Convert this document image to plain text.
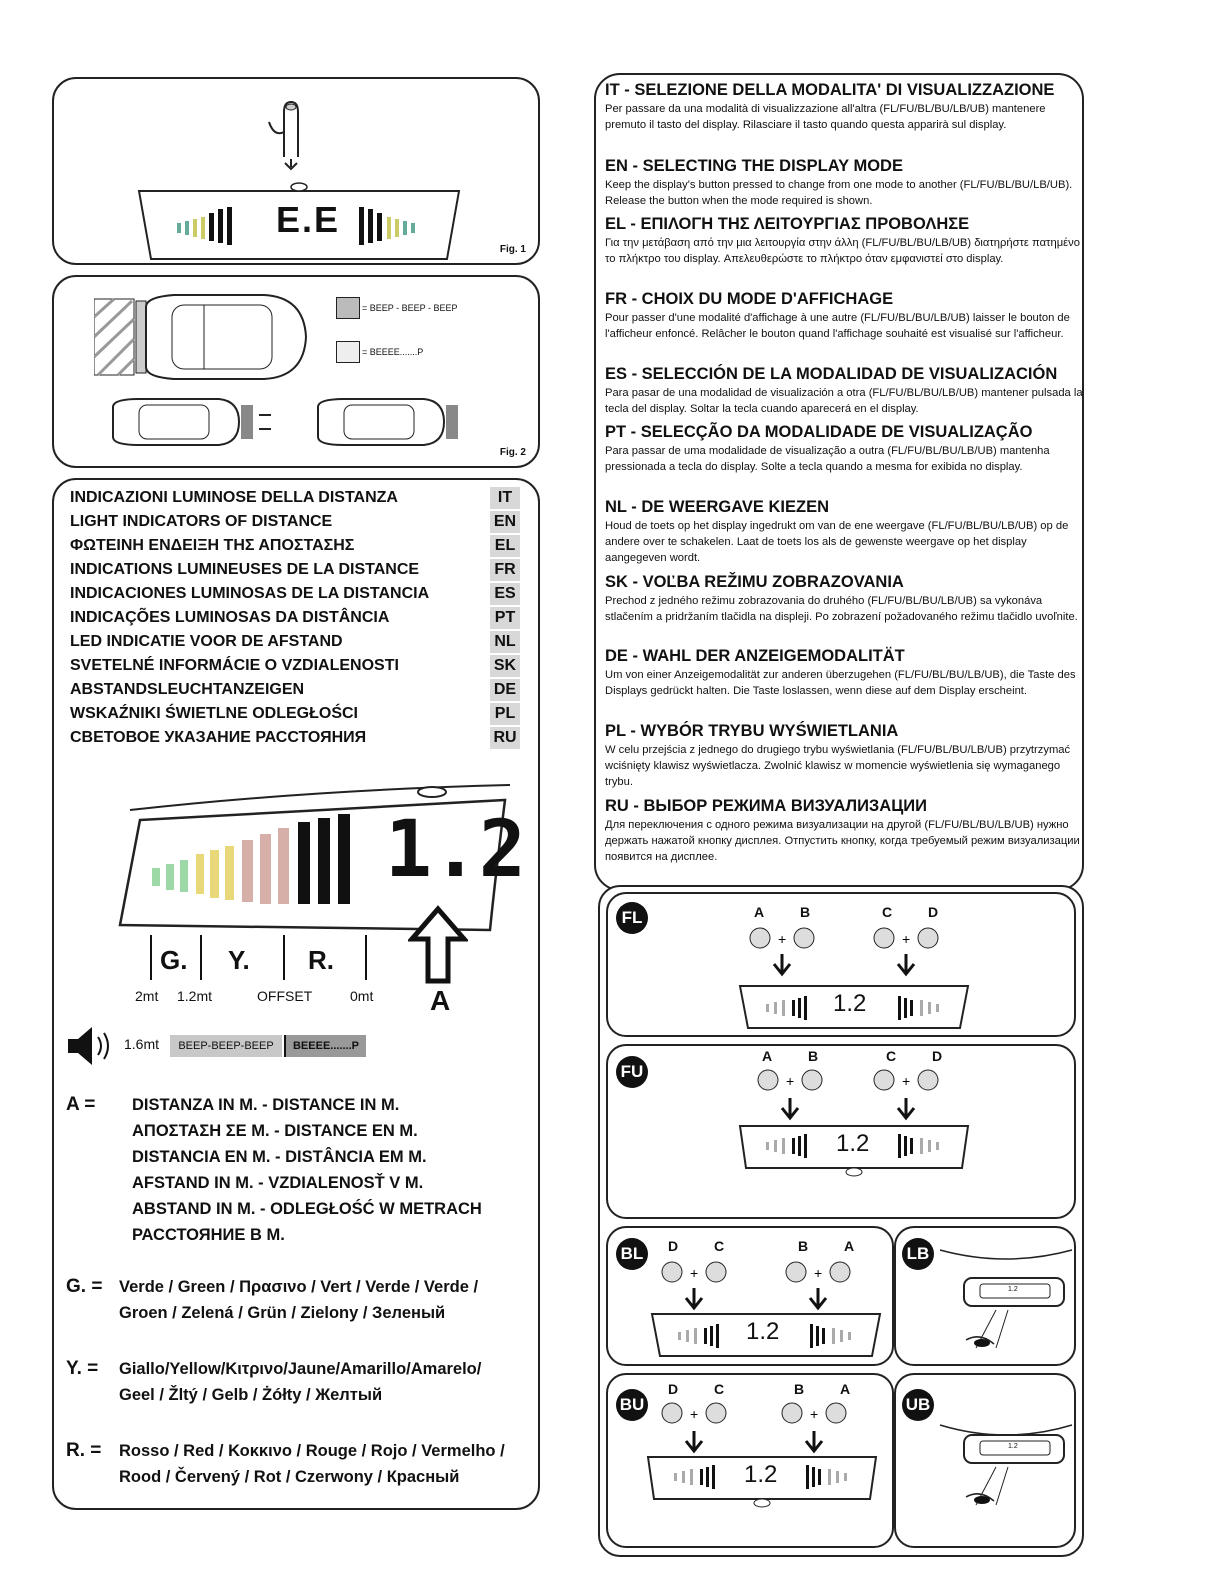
E.E
Fig. 1
= BEEP - BEEP - BEEP
= BEEEE.......P
Fig. 2
INDICAZIONI LUMINOSE DELLA DISTANZA	IT
LIGHT INDICATORS OF DISTANCE	EN
ΦΩΤΕΙΝΗ ΕΝΔΕΙΞΗ ΤΗΣ ΑΠΟΣΤΑΣΗΣ	EL
INDICATIONS LUMINEUSES DE LA DISTANCE	FR
INDICACIONES LUMINOSAS DE LA DISTANCIA	ES
INDICAÇÕES LUMINOSAS DA DISTÂNCIA	PT
LED INDICATIE VOOR DE AFSTAND	NL
SVETELNÉ INFORMÁCIE O VZDIALENOSTI	SK
ABSTANDSLEUCHTANZEIGEN	DE
WSKAŹNIKI ŚWIETLNE ODLEGŁOŚCI	PL
СВЕТОВОЕ УКАЗАНИЕ РАССТОЯНИЯ	RU
1.2
A
G. Y. R.
2mt 1.2mt	OFFSET	0mt
1.6mt	BEEP-BEEP-BEEP	BEEEE.......P
A = DISTANZA IN M. - DISTANCE IN M.
ΑΠΟΣΤΑΣΗ ΣΕ M. - DISTANCE EN M.
DISTANCIA EN M. - DISTÂNCIA EM M.
AFSTAND IN M. - VZDIALENOSŤ V M.
ABSTAND IN M. - ODLEGŁOŚĆ W METRACH
РАССТОЯНИЕ В М.
G. = Verde / Green / Πρασινο / Vert / Verde / Verde /
Groen / Zelená / Grün / Zielony / Зеленый
Y. = Giallo/Yellow/Κιτρινο/Jaune/Amarillo/Amarelo/
Geel / Žltý / Gelb / Żółty / Желтый
R. = Rosso / Red / Κοκκινο / Rouge / Rojo / Vermelho /
Rood / Červený / Rot / Czerwony / Красный
IT - SELEZIONE DELLA MODALITA' DI VISUALIZZAZIONE

Per passare da una modalità di visualizzazione all'altra (FL/FU/BL/BU/LB/UB) mantenere premuto il tasto del display. Rilasciare il tasto quando questa apparirà sul display.

EN - SELECTING THE DISPLAY MODE

Keep the display's button pressed to change from one mode to another (FL/FU/BL/BU/LB/UB). Release the button when the mode required is shown.

EL - ΕΠΙΛΟΓΗ ΤΗΣ ΛΕΙΤΟΥΡΓΙΑΣ ΠΡΟΒΟΛΗΣΕ

Για την μετάβαση από την μια λειτουργία στην άλλη (FL/FU/BL/BU/LB/UB) διατηρήστε πατημένο το πλήκτρο του display. Απελευθερώστε το πλήκτρο όταν εμφανιστεί στο display.

FR - CHOIX DU MODE D'AFFICHAGE

Pour passer d'une modalité d'affichage à une autre (FL/FU/BL/BU/LB/UB) laisser le bouton de l'afficheur enfoncé. Relâcher le bouton quand l'affichage souhaité est visualisé sur l'afficheur.

ES - SELECCIÓN DE LA MODALIDAD DE VISUALIZACIÓN

Para pasar de una modalidad de visualización a otra (FL/FU/BL/BU/LB/UB) mantener pulsada la tecla del display. Soltar la tecla cuando aparecerá en el display.

PT - SELECÇÃO DA MODALIDADE DE VISUALIZAÇÃO

Para passar de uma modalidade de visualização a outra (FL/FU/BL/BU/LB/UB) mantenha pressionada a tecla do display. Solte a tecla quando a mesma for exibida no display.

NL - DE WEERGAVE KIEZEN

Houd de toets op het display ingedrukt om van de ene weergave (FL/FU/BL/BU/LB/UB) op de andere over te schakelen. Laat de toets los als de gewenste weergave op het display aangegeven wordt.

SK - VOĽBA REŽIMU ZOBRAZOVANIA

Prechod z jedného režimu zobrazovania do druhého (FL/FU/BL/BU/LB/UB) sa vykonáva stlačením a pridržaním tlačidla na displeji. Po zobrazení požadovaného režimu tlačidlo uvoľnite.

DE - WAHL DER ANZEIGEMODALITÄT

Um von einer Anzeigemodalität zur anderen überzugehen (FL/FU/BL/BU/LB/UB), die Taste des Displays gedrückt halten. Die Taste loslassen, wenn diese auf dem Display erscheint.

PL - WYBÓR TRYBU WYŚWIETLANIA

W celu przejścia z jednego do drugiego trybu wyświetlania (FL/FU/BL/BU/LB/UB) przytrzymać wciśnięty klawisz wyświetlacza. Zwolnić klawisz w momencie wyświetlenia się wymaganego trybu.

RU - ВЫБОР РЕЖИМА ВИЗУАЛИЗАЦИИ

Для переключения с одного режима визуализации на другой (FL/FU/BL/BU/LB/UB) нужно держать нажатой кнопку дисплея. Отпустить кнопку, когда требуемый режим визуализации появится на дисплее.

FL	A	B	C	D
+	+
1.2
FU
A	B	C	D
+	+
1.2
BL	D	C	B	A
+	+
1.2
LB
1.2
BU
D	C	B	A
+	+
1.2
UB
1.2
